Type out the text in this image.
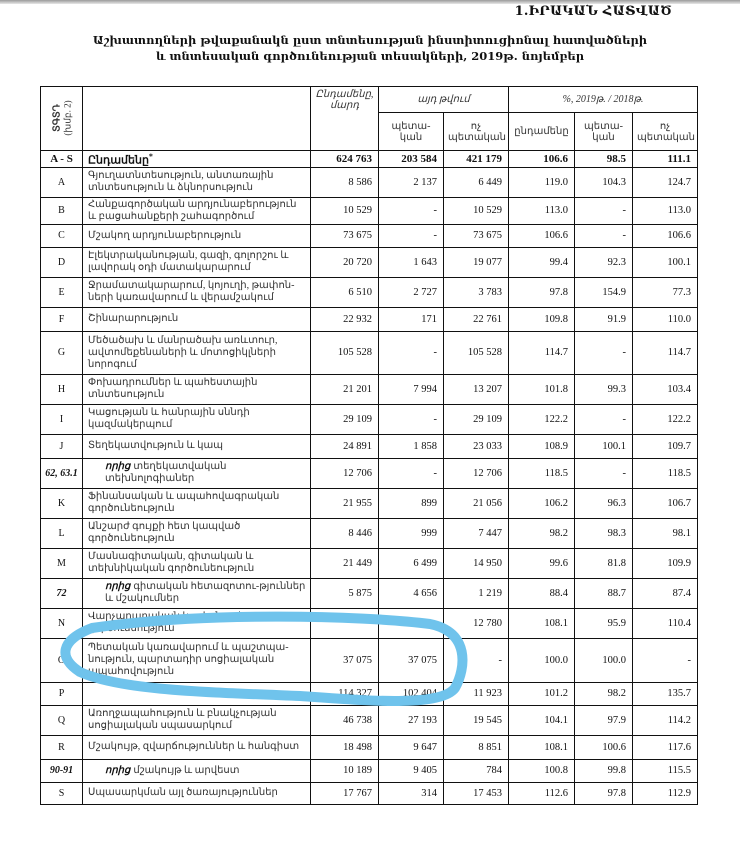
1.ԻՐԱԿԱՆ ՀԱՏՎԱԾ
Աշխատողների թվաքանակն ըստ տնտեսության ինստիտուցիոնալ հատվածների
և տնտեսական գործունեության տեսակների, 2019թ. նոյեմբեր
ՏԳՏԴ (խմբ. 2)		Ընդամենը, մարդ	այդ թվում		%, 2019թ. / 2018թ.		
			պետա-կան	ոչ պետական	ընդամենը	պետա-կան	ոչ պետական
A - S	Ընդամենը*	624 763	203 584	421 179	106.6	98.5	111.1
A	Գյուղատնտեսություն, անտառային տնտեսություն և ձկնորսություն	8 586	2 137	6 449	119.0	104.3	124.7
B	Հանքագործական արդյունաբերություն և բացահանքերի շահագործում	10 529	-	10 529	113.0	-	113.0
C	Մշակող արդյունաբերություն	73 675	-	73 675	106.6	-	106.6
D	Էլեկտրականության, գազի, գոլորշու և լավորակ օդի մատակարարում	20 720	1 643	19 077	99.4	92.3	100.1
E	Ջրամատակարարում, կոյուղի, թափոն-ների կառավարում և վերամշակում	6 510	2 727	3 783	97.8	154.9	77.3
F	Շինարարություն	22 932	171	22 761	109.8	91.9	110.0
G	Մեծածախ և մանրածախ առևտուր, ավտոմեքենաների և մոտոցիկլների նորոգում	105 528	-	105 528	114.7	-	114.7
H	Փոխադրումներ և պահեստային տնտեսություն	21 201	7 994	13 207	101.8	99.3	103.4
I	Կացության և հանրային սննդի կազմակերպում	29 109	-	29 109	122.2	-	122.2
J	Տեղեկատվություն և կապ	24 891	1 858	23 033	108.9	100.1	109.7
62, 63.1	որից տեղեկատվական տեխնոլոգիաներ	12 706	-	12 706	118.5	-	118.5
K	Ֆինանսական և ապահովագրական գործունեություն	21 955	899	21 056	106.2	96.3	106.7
L	Անշարժ գույքի հետ կապված գործունեություն	8 446	999	7 447	98.2	98.3	98.1
M	Մասնագիտական, գիտական և տեխնիկական գործունեություն	21 449	6 499	14 950	99.6	81.8	109.9
72	որից գիտական հետազոտու-թյուններ և մշակումներ	5 875	4 656	1 219	88.4	88.7	87.4
N	Վարչարարական և օժանդակ գործունեություն			12 780	108.1	95.9	110.4
O	Պետական կառավարում և պաշտպա-նություն, պարտադիր սոցիալական ապահովություն	37 075	37 075	-	100.0	100.0	-
P		114 327	102 404	11 923	101.2	98.2	135.7
Q	Առողջապահություն և բնակչության սոցիալական սպասարկում	46 738	27 193	19 545	104.1	97.9	114.2
R	Մշակույթ, զվարճություններ և հանգիստ	18 498	9 647	8 851	108.1	100.6	117.6
90-91	որից մշակույթ և արվեստ	10 189	9 405	784	100.8	99.8	115.5
S	Սպասարկման այլ ծառայություններ	17 767	314	17 453	112.6	97.8	112.9
